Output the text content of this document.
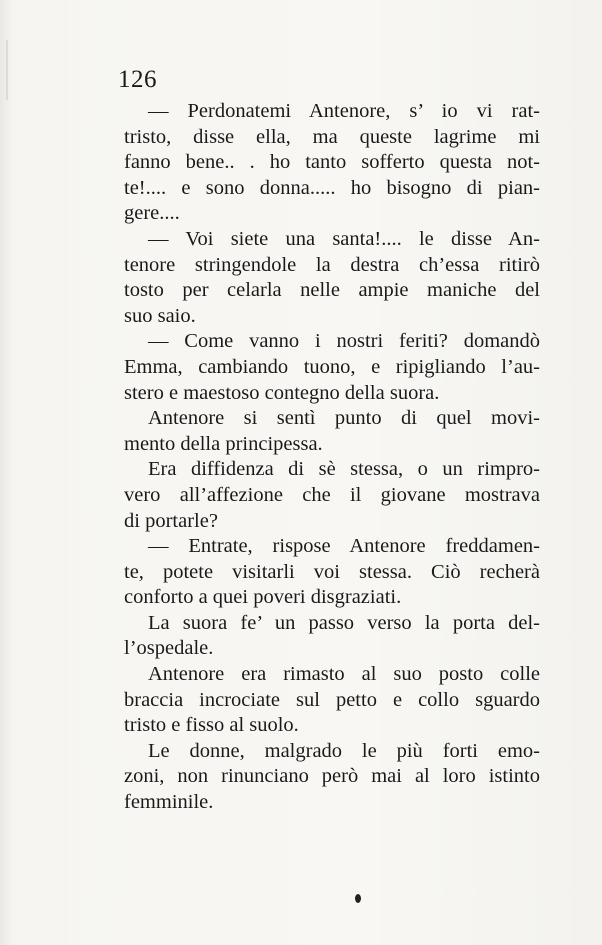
126
— Perdonatemi Antenore, s’ io vi rat-
tristo, disse ella, ma queste lagrime mi
fanno bene.. . ho tanto sofferto questa not-
te!.... e sono donna..... ho bisogno di pian-
gere....
— Voi siete una santa!.... le disse An-
tenore stringendole la destra ch’essa ritirò
tosto per celarla nelle ampie maniche del
suo saio.
— Come vanno i nostri feriti? domandò
Emma, cambiando tuono, e ripigliando l’au-
stero e maestoso contegno della suora.
Antenore si sentì punto di quel movi-
mento della principessa.
Era diffidenza di sè stessa, o un rimpro-
vero all’affezione che il giovane mostrava
di portarle?
— Entrate, rispose Antenore freddamen-
te, potete visitarli voi stessa. Ciò recherà
conforto a quei poveri disgraziati.
La suora fe’ un passo verso la porta del-
l’ospedale.
Antenore era rimasto al suo posto colle
braccia incrociate sul petto e collo sguardo
tristo e fisso al suolo.
Le donne, malgrado le più forti emo-
zoni, non rinunciano però mai al loro istinto
femminile.
